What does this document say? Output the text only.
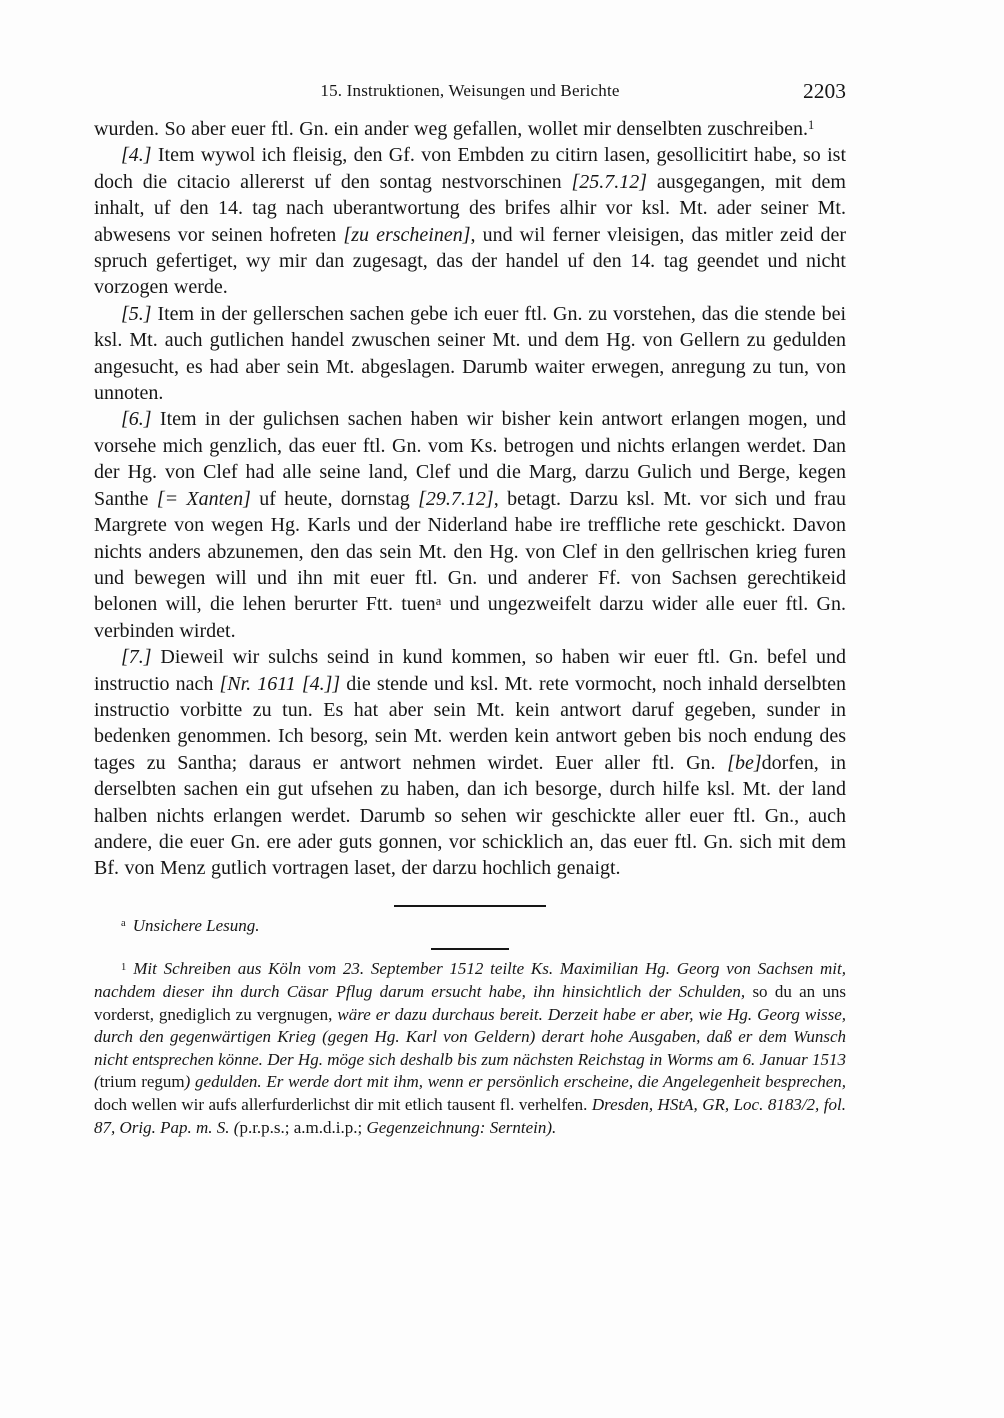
15. Instruktionen, Weisungen und Berichte	2203

wurden. So aber euer ftl. Gn. ein ander weg gefallen, wollet mir denselbten zuschreiben.$^1$

[4.] Item wywol ich fleisig, den Gf. von Embden zu citirn lasen, gesollicitirt habe, so ist doch die citacio allererst uf den sontag nestvorschinen [25.7.12] ausgegangen, mit dem inhalt, uf den 14. tag nach uberantwortung des brifes alhir vor ksl. Mt. ader seiner Mt. abwesens vor seinen hofreten [zu erscheinen], und wil ferner vleisigen, das mitler zeid der spruch gefertiget, wy mir dan zugesagt, das der handel uf den 14. tag geendet und nicht vorzogen werde.

[5.] Item in der gellerschen sachen gebe ich euer ftl. Gn. zu vorstehen, das die stende bei ksl. Mt. auch gutlichen handel zwuschen seiner Mt. und dem Hg. von Gellern zu gedulden angesucht, es had aber sein Mt. abgeslagen. Darumb waiter erwegen, anregung zu tun, von unnoten.

[6.] Item in der gulichsen sachen haben wir bisher kein antwort erlangen mogen, und vorsehe mich genzlich, das euer ftl. Gn. vom Ks. betrogen und nichts erlangen werdet. Dan der Hg. von Clef had alle seine land, Clef und die Marg, darzu Gulich und Berge, kegen Santhe [= Xanten] uf heute, dornstag [29.7.12], betagt. Darzu ksl. Mt. vor sich und frau Margrete von wegen Hg. Karls und der Niderland habe ire treffliche rete geschickt. Davon nichts anders abzunemen, den das sein Mt. den Hg. von Clef in den gellrischen krieg furen und bewegen will und ihn mit euer ftl. Gn. und anderer Ff. von Sachsen gerechtikeid belonen will, die lehen berurter Ftt. tuen$^a$ und ungezweifelt darzu wider alle euer ftl. Gn. verbinden wirdet.

[7.] Dieweil wir sulchs seind in kund kommen, so haben wir euer ftl. Gn. befel und instructio nach [Nr. 1611 [4.]] die stende und ksl. Mt. rete vormocht, noch inhald derselbten instructio vorbitte zu tun. Es hat aber sein Mt. kein antwort daruf gegeben, sunder in bedenken genommen. Ich besorg, sein Mt. werden kein antwort geben bis noch endung des tages zu Santha; daraus er antwort nehmen wirdet. Euer aller ftl. Gn. [be]dorfen, in derselbten sachen ein gut ufsehen zu haben, dan ich besorge, durch hilfe ksl. Mt. der land halben nichts erlangen werdet. Darumb so sehen wir geschickte aller euer ftl. Gn., auch andere, die euer Gn. ere ader guts gonnen, vor schicklich an, das euer ftl. Gn. sich mit dem Bf. von Menz gutlich vortragen laset, der darzu hochlich genaigt.

$^a$ Unsichere Lesung.

$^1$ Mit Schreiben aus Köln vom 23. September 1512 teilte Ks. Maximilian Hg. Georg von Sachsen mit, nachdem dieser ihn durch Cäsar Pflug darum ersucht habe, ihn hinsichtlich der Schulden, so du an uns vorderst, gnediglich zu vergnugen, wäre er dazu durchaus bereit. Derzeit habe er aber, wie Hg. Georg wisse, durch den gegenwärtigen Krieg (gegen Hg. Karl von Geldern) derart hohe Ausgaben, daß er dem Wunsch nicht entsprechen könne. Der Hg. möge sich deshalb bis zum nächsten Reichstag in Worms am 6. Januar 1513 (trium regum) gedulden. Er werde dort mit ihm, wenn er persönlich erscheine, die Angelegenheit besprechen, doch wellen wir aufs allerfurderlichst dir mit etlich tausent fl. verhelfen. Dresden, HStA, GR, Loc. 8183/2, fol. 87, Orig. Pap. m. S. (p.r.p.s.; a.m.d.i.p.; Gegenzeichnung: Serntein).
